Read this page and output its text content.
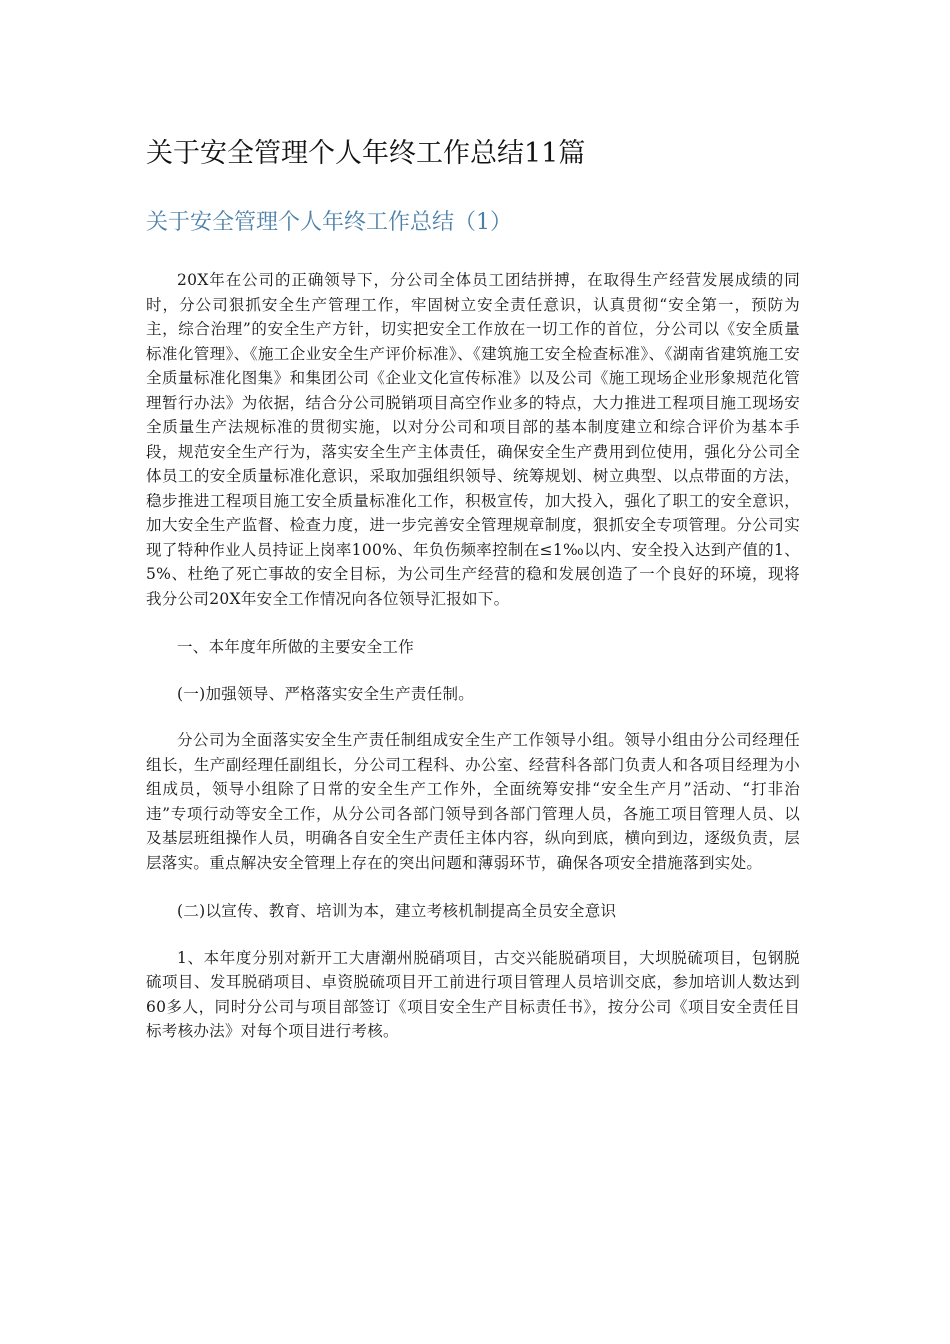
关于安全管理个人年终工作总结11篇
关于安全管理个人年终工作总结（1）

20X年在公司的正确领导下，分公司全体员工团结拼搏，在取得生产经营发展成绩的同时，分公司狠抓安全生产管理工作，牢固树立安全责任意识，认真贯彻“安全第一，预防为主，综合治理”的安全生产方针，切实把安全工作放在一切工作的首位，分公司以《安全质量标准化管理》、《施工企业安全生产评价标准》、《建筑施工安全检查标准》、《湖南省建筑施工安全质量标准化图集》和集团公司《企业文化宣传标准》以及公司《施工现场企业形象规范化管理暂行办法》为依据，结合分公司脱销项目高空作业多的特点，大力推进工程项目施工现场安全质量生产法规标准的贯彻实施，以对分公司和项目部的基本制度建立和综合评价为基本手段，规范安全生产行为，落实安全生产主体责任，确保安全生产费用到位使用，强化分公司全体员工的安全质量标准化意识，采取加强组织领导、统筹规划、树立典型、以点带面的方法，稳步推进工程项目施工安全质量标准化工作，积极宣传，加大投入，强化了职工的安全意识，加大安全生产监督、检查力度，进一步完善安全管理规章制度，狠抓安全专项管理。分公司实现了特种作业人员持证上岗率100%、年负伤频率控制在≤1‰以内、安全投入达到产值的1、5%、杜绝了死亡事故的安全目标，为公司生产经营的稳和发展创造了一个良好的环境，现将我分公司20X年安全工作情况向各位领导汇报如下。

一、本年度年所做的主要安全工作

(一)加强领导、严格落实安全生产责任制。

分公司为全面落实安全生产责任制组成安全生产工作领导小组。领导小组由分公司经理任组长，生产副经理任副组长，分公司工程科、办公室、经营科各部门负责人和各项目经理为小组成员，领导小组除了日常的安全生产工作外，全面统筹安排“安全生产月”活动、“打非治违”专项行动等安全工作，从分公司各部门领导到各部门管理人员，各施工项目管理人员、以及基层班组操作人员，明确各自安全生产责任主体内容，纵向到底，横向到边，逐级负责，层层落实。重点解决安全管理上存在的突出问题和薄弱环节，确保各项安全措施落到实处。

(二)以宣传、教育、培训为本，建立考核机制提高全员安全意识

1、本年度分别对新开工大唐潮州脱硝项目，古交兴能脱硝项目，大坝脱硫项目，包钢脱硫项目、发耳脱硝项目、卓资脱硫项目开工前进行项目管理人员培训交底，参加培训人数达到60多人，同时分公司与项目部签订《项目安全生产目标责任书》，按分公司《项目安全责任目标考核办法》对每个项目进行考核。
